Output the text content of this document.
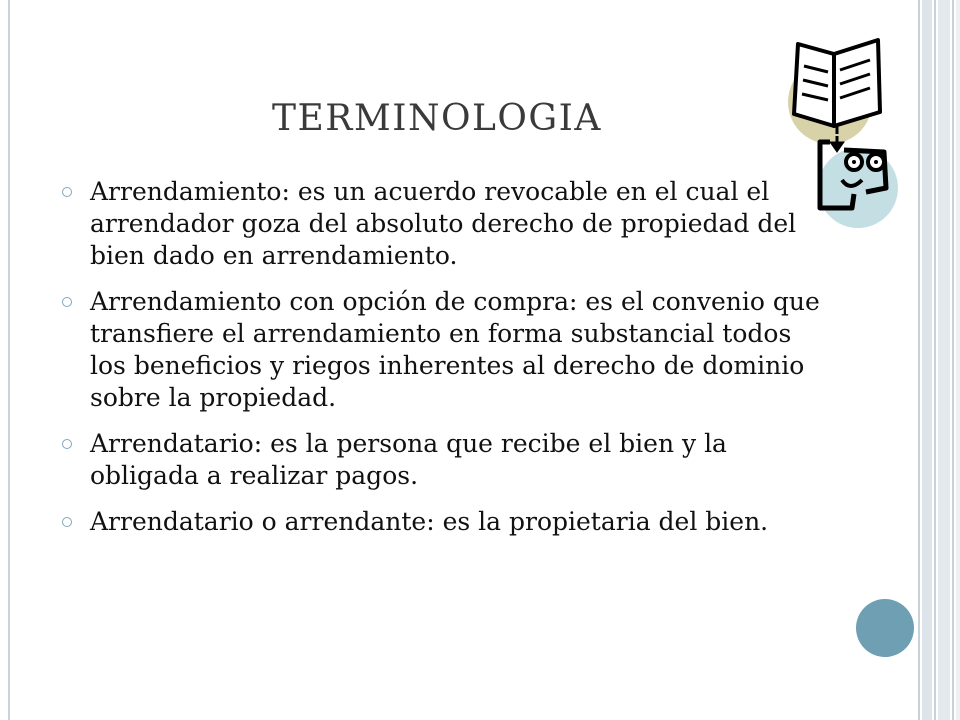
TERMINOLOGIA
Arrendamiento: es un acuerdo revocable en el cual el arrendador goza del absoluto derecho de propiedad del bien dado en arrendamiento.
Arrendamiento con opción de compra: es el convenio que transfiere el arrendamiento en forma substancial todos los beneficios y riegos inherentes al derecho de dominio sobre la propiedad.
Arrendatario: es la persona que recibe el bien y la obligada a realizar pagos.
Arrendatario o arrendante: es la propietaria del bien.
